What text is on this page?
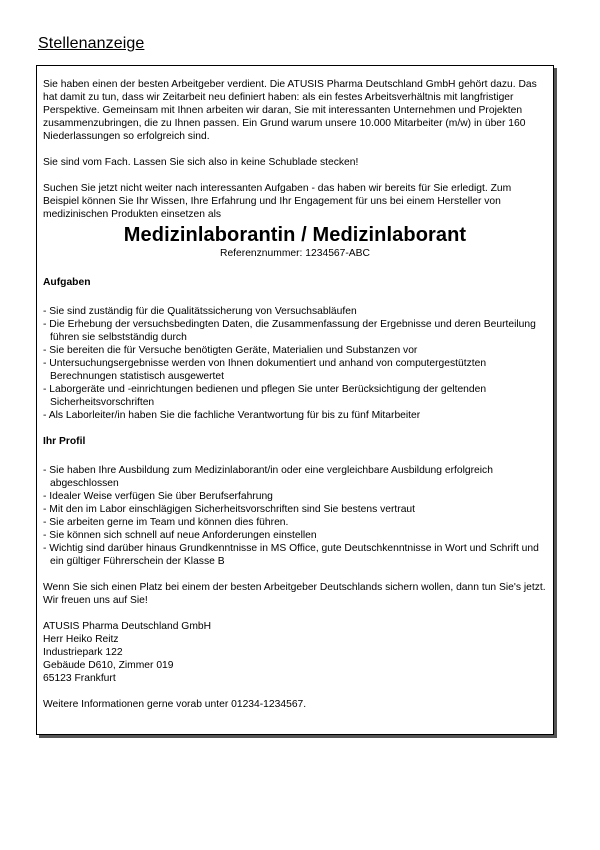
Stellenanzeige

Sie haben einen der besten Arbeitgeber verdient. Die ATUSIS Pharma Deutschland GmbH gehört dazu. Das hat damit zu tun, dass wir Zeitarbeit neu definiert haben: als ein festes Arbeitsverhältnis mit langfristiger Perspektive. Gemeinsam mit Ihnen arbeiten wir daran, Sie mit interessanten Unternehmen und Projekten zusammenzubringen, die zu Ihnen passen. Ein Grund warum unsere 10.000 Mitarbeiter (m/w) in über 160 Niederlassungen so erfolgreich sind.

Sie sind vom Fach. Lassen Sie sich also in keine Schublade stecken!

Suchen Sie jetzt nicht weiter nach interessanten Aufgaben - das haben wir bereits für Sie erledigt. Zum Beispiel können Sie Ihr Wissen, Ihre Erfahrung und Ihr Engagement für uns bei einem Hersteller von medizinischen Produkten einsetzen als

Medizinlaborantin / Medizinlaborant
Referenznummer: 1234567-ABC
Aufgaben
- Sie sind zuständig für die Qualitätssicherung von Versuchsabläufen
- Die Erhebung der versuchsbedingten Daten, die Zusammenfassung der Ergebnisse und deren Beurteilung führen sie selbstständig durch
- Sie bereiten die für Versuche benötigten Geräte, Materialien und Substanzen vor
- Untersuchungsergebnisse werden von Ihnen dokumentiert und anhand von computergestützten Berechnungen statistisch ausgewertet
- Laborgeräte und -einrichtungen bedienen und pflegen Sie unter Berücksichtigung der geltenden Sicherheitsvorschriften
- Als Laborleiter/in haben Sie die fachliche Verantwortung für bis zu fünf Mitarbeiter
Ihr Profil
- Sie haben Ihre Ausbildung zum Medizinlaborant/in oder eine vergleichbare Ausbildung erfolgreich abgeschlossen
- Idealer Weise verfügen Sie über Berufserfahrung
- Mit den im Labor einschlägigen Sicherheitsvorschriften sind Sie bestens vertraut
- Sie arbeiten gerne im Team und können dies führen.
- Sie können sich schnell auf neue Anforderungen einstellen
- Wichtig sind darüber hinaus Grundkenntnisse in MS Office, gute Deutschkenntnisse in Wort und Schrift und ein gültiger Führerschein der Klasse B

Wenn Sie sich einen Platz bei einem der besten Arbeitgeber Deutschlands sichern wollen, dann tun Sie's jetzt. Wir freuen uns auf Sie!

ATUSIS Pharma Deutschland GmbH
Herr Heiko Reitz
Industriepark 122
Gebäude D610, Zimmer 019
65123 Frankfurt

Weitere Informationen gerne vorab unter 01234-1234567.
